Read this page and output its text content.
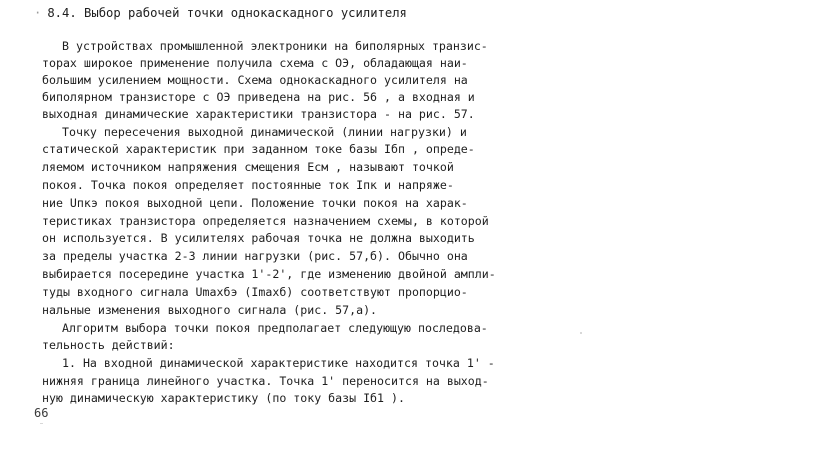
· 8.4. Выбор рабочей точки однокаскадного усилителя
В устройствах промышленной электроники на биполярных транзис-
торах широкое применение получила схема с ОЭ, обладающая наи-
большим усилением мощности. Схема однокаскадного усилителя на
биполярном транзисторе с ОЭ приведена на рис. 56 , а входная и
выходная динамические характеристики транзистора - на рис. 57.
Точку пересечения выходной динамической (линии нагрузки) и
статической характеристик при заданном токе базы Iбп , опреде-
ляемом источником напряжения смещения Eсм , называют точкой
покоя. Точка покоя определяет постоянные ток Iпк и напряже-
ние Uпкэ покоя выходной цепи. Положение точки покоя на харак-
теристиках транзистора определяется назначением схемы, в которой
он используется. В усилителях рабочая точка не должна выходить
за пределы участка 2-3 линии нагрузки (рис. 57,б). Обычно она
выбирается посередине участка 1'-2', где изменению двойной ампли-
туды входного сигнала Umaxбэ (Imaxб) соответствуют пропорцио-
нальные изменения выходного сигнала (рис. 57,а).
Алгоритм выбора точки покоя предполагает следующую последова-
тельность действий:
1. На входной динамической характеристике находится точка 1' -
нижняя граница линейного участка. Точка 1' переносится на выход-
ную динамическую характеристику (по току базы Iб1 ).
66
